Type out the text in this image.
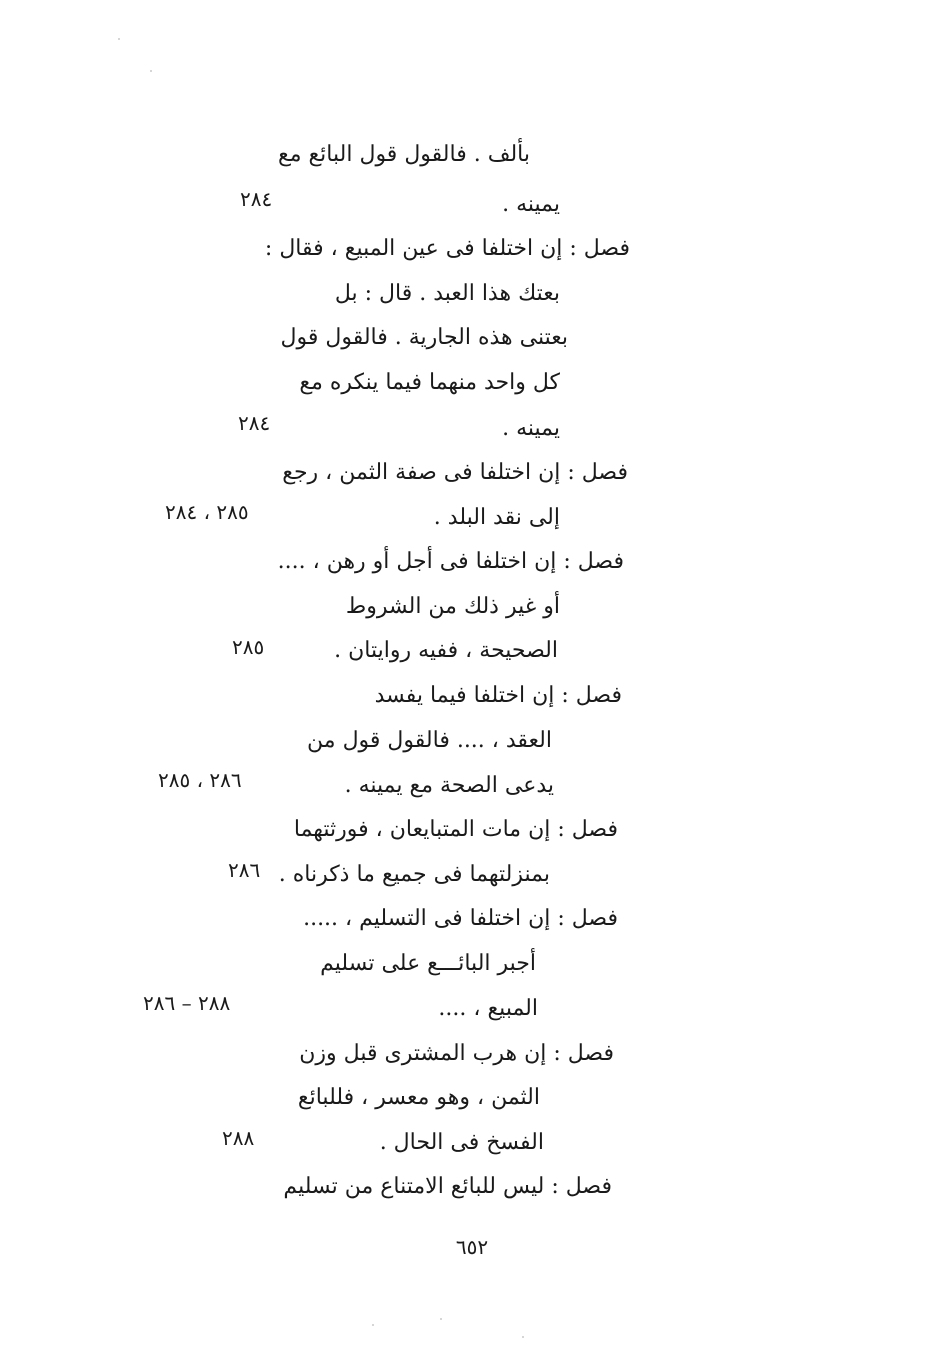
بألف . فالقول قول البائع مع
يمينه .
فصل : إن اختلفا فى عين المبيع ، فقال :
بعتك هذا العبد . قال : بل
بعتنى هذه الجارية . فالقول قول
كل واحد منهما فيما ينكره مع
يمينه .
فصل : إن اختلفا فى صفة الثمن ، رجع
إلى نقد البلد .
فصل : إن اختلفا فى أجل أو رهن ، ....
أو غير ذلك من الشروط
الصحيحة ، ففيه روايتان .
فصل : إن اختلفا فيما يفسد
العقد ، .... فالقول قول من
يدعى الصحة مع يمينه .
فصل : إن مات المتبايعان ، فورثتهما
بمنزلتهما فى جميع ما ذكرناه .
فصل : إن اختلفا فى التسليم ، .....
أجبر البائـــع على تسليم
المبيع ، ....
فصل : إن هرب المشترى قبل وزن
الثمن ، وهو معسر ، فللبائع
الفسخ فى الحال .
فصل : ليس للبائع الامتناع من تسليم
٢٨٤
٢٨٤
٢٨٥ ، ٢٨٤
٢٨٥
٢٨٦ ، ٢٨٥
٢٨٦
٢٨٨ – ٢٨٦
٢٨٨
٦٥٢
